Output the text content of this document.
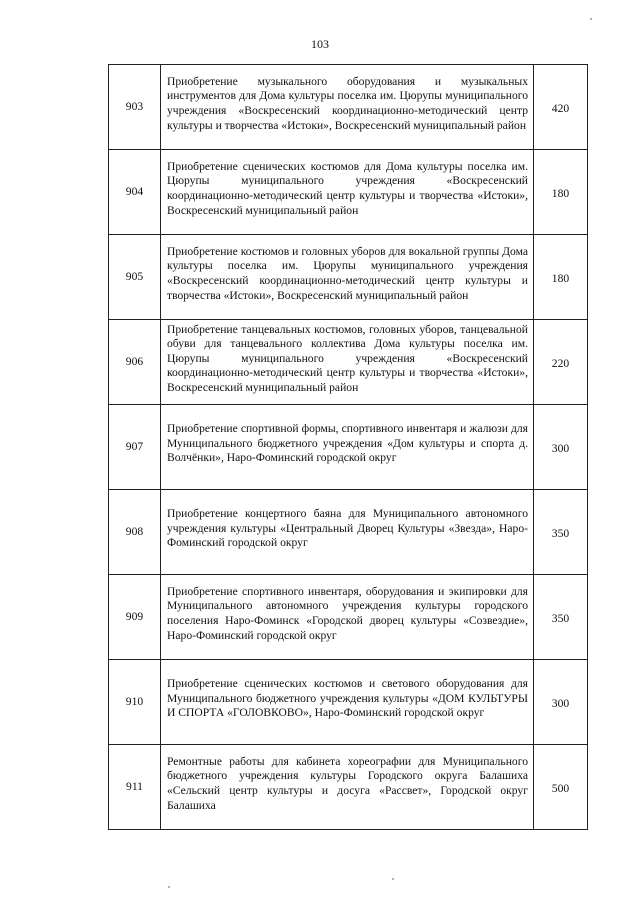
103
903	Приобретение музыкального оборудования и музыкальных инструментов для Дома культуры поселка им. Цюрупы муниципального учреждения «Воскресенский координационно-методический центр культуры и творчества «Истоки», Воскресенский муниципальный район	420

904	Приобретение сценических костюмов для Дома культуры поселка им. Цюрупы муниципального учреждения «Воскресенский координационно-методический центр культуры и творчества «Истоки», Воскресенский муниципальный район	180

905	Приобретение костюмов и головных уборов для вокальной группы Дома культуры поселка им. Цюрупы муниципального учреждения «Воскресенский координационно-методический центр культуры и творчества «Истоки», Воскресенский муниципальный район	180

906	Приобретение танцевальных костюмов, головных уборов, танцевальной обуви для танцевального коллектива Дома культуры поселка им. Цюрупы муниципального учреждения «Воскресенский координационно-методический центр культуры и творчества «Истоки», Воскресенский муниципальный район	220

907	Приобретение спортивной формы, спортивного инвентаря и жалюзи для Муниципального бюджетного учреждения «Дом культуры и спорта д. Волчёнки», Наро-Фоминский городской округ	300

908	Приобретение концертного баяна для Муниципального автономного учреждения культуры «Центральный Дворец Культуры «Звезда», Наро-Фоминский городской округ	350

909	Приобретение спортивного инвентаря, оборудования и экипировки для Муниципального автономного учреждения культуры городского поселения Наро-Фоминск «Городской дворец культуры «Созвездие», Наро-Фоминский городской округ	350

910	Приобретение сценических костюмов и светового оборудования для Муниципального бюджетного учреждения культуры «ДОМ КУЛЬТУРЫ И СПОРТА «ГОЛОВКОВО», Наро-Фоминский городской округ	300

911	Ремонтные работы для кабинета хореографии для Муниципального бюджетного учреждения культуры Городского округа Балашиха «Сельский центр культуры и досуга «Рассвет», Городской округ Балашиха	500
